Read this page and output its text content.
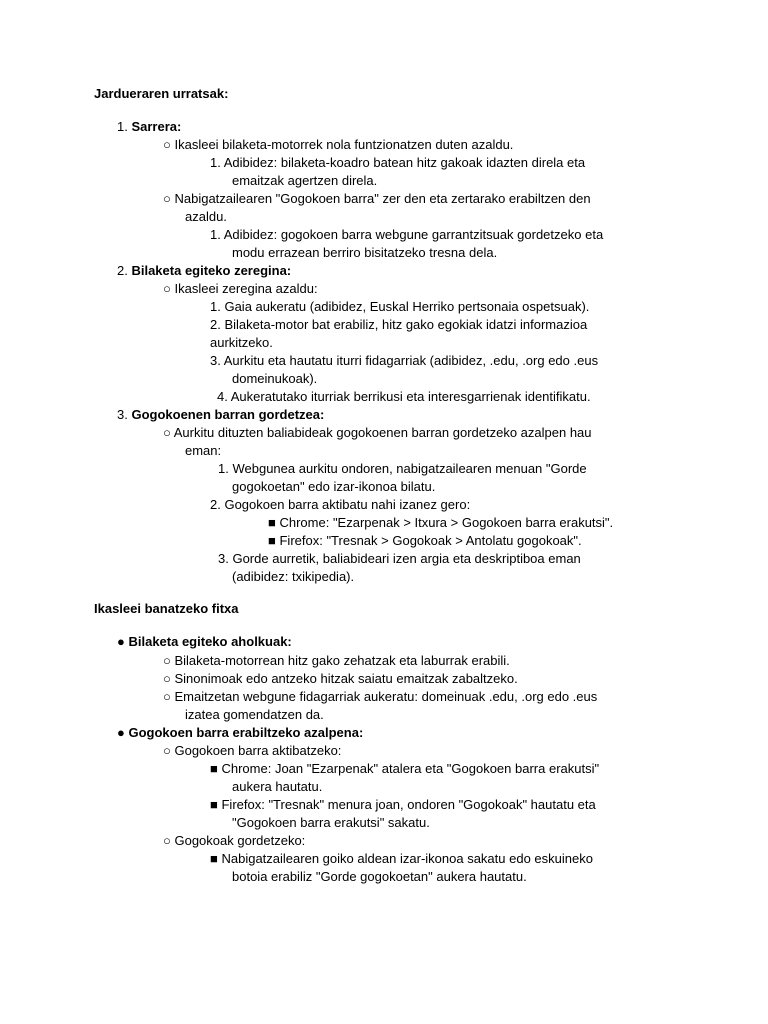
Jardueraren urratsak:
1. Sarrera:
○ Ikasleei bilaketa-motorrek nola funtzionatzen duten azaldu.
1. Adibidez: bilaketa-koadro batean hitz gakoak idazten direla eta
emaitzak agertzen direla.
○ Nabigatzailearen "Gogokoen barra" zer den eta zertarako erabiltzen den
azaldu.
1. Adibidez: gogokoen barra webgune garrantzitsuak gordetzeko eta
modu errazean berriro bisitatzeko tresna dela.
2. Bilaketa egiteko zeregina:
○ Ikasleei zeregina azaldu:
1. Gaia aukeratu (adibidez, Euskal Herriko pertsonaia ospetsuak).
2. Bilaketa-motor bat erabiliz, hitz gako egokiak idatzi informazioa
aurkitzeko.
3. Aurkitu eta hautatu iturri fidagarriak (adibidez, .edu, .org edo .eus
domeinukoak).
4. Aukeratutako iturriak berrikusi eta interesgarrienak identifikatu.
3. Gogokoenen barran gordetzea:
○ Aurkitu dituzten baliabideak gogokoenen barran gordetzeko azalpen hau
eman:
1. Webgunea aurkitu ondoren, nabigatzailearen menuan "Gorde
gogokoetan" edo izar-ikonoa bilatu.
2. Gogokoen barra aktibatu nahi izanez gero:
■ Chrome: "Ezarpenak > Itxura > Gogokoen barra erakutsi".
■ Firefox: "Tresnak > Gogokoak > Antolatu gogokoak".
3. Gorde aurretik, baliabideari izen argia eta deskriptiboa eman
(adibidez: txikipedia).
Ikasleei banatzeko fitxa
● Bilaketa egiteko aholkuak:
○ Bilaketa-motorrean hitz gako zehatzak eta laburrak erabili.
○ Sinonimoak edo antzeko hitzak saiatu emaitzak zabaltzeko.
○ Emaitzetan webgune fidagarriak aukeratu: domeinuak .edu, .org edo .eus
izatea gomendatzen da.
● Gogokoen barra erabiltzeko azalpena:
○ Gogokoen barra aktibatzeko:
■ Chrome: Joan "Ezarpenak" atalera eta "Gogokoen barra erakutsi"
aukera hautatu.
■ Firefox: "Tresnak" menura joan, ondoren "Gogokoak" hautatu eta
"Gogokoen barra erakutsi" sakatu.
○ Gogokoak gordetzeko:
■ Nabigatzailearen goiko aldean izar-ikonoa sakatu edo eskuineko
botoia erabiliz "Gorde gogokoetan" aukera hautatu.
